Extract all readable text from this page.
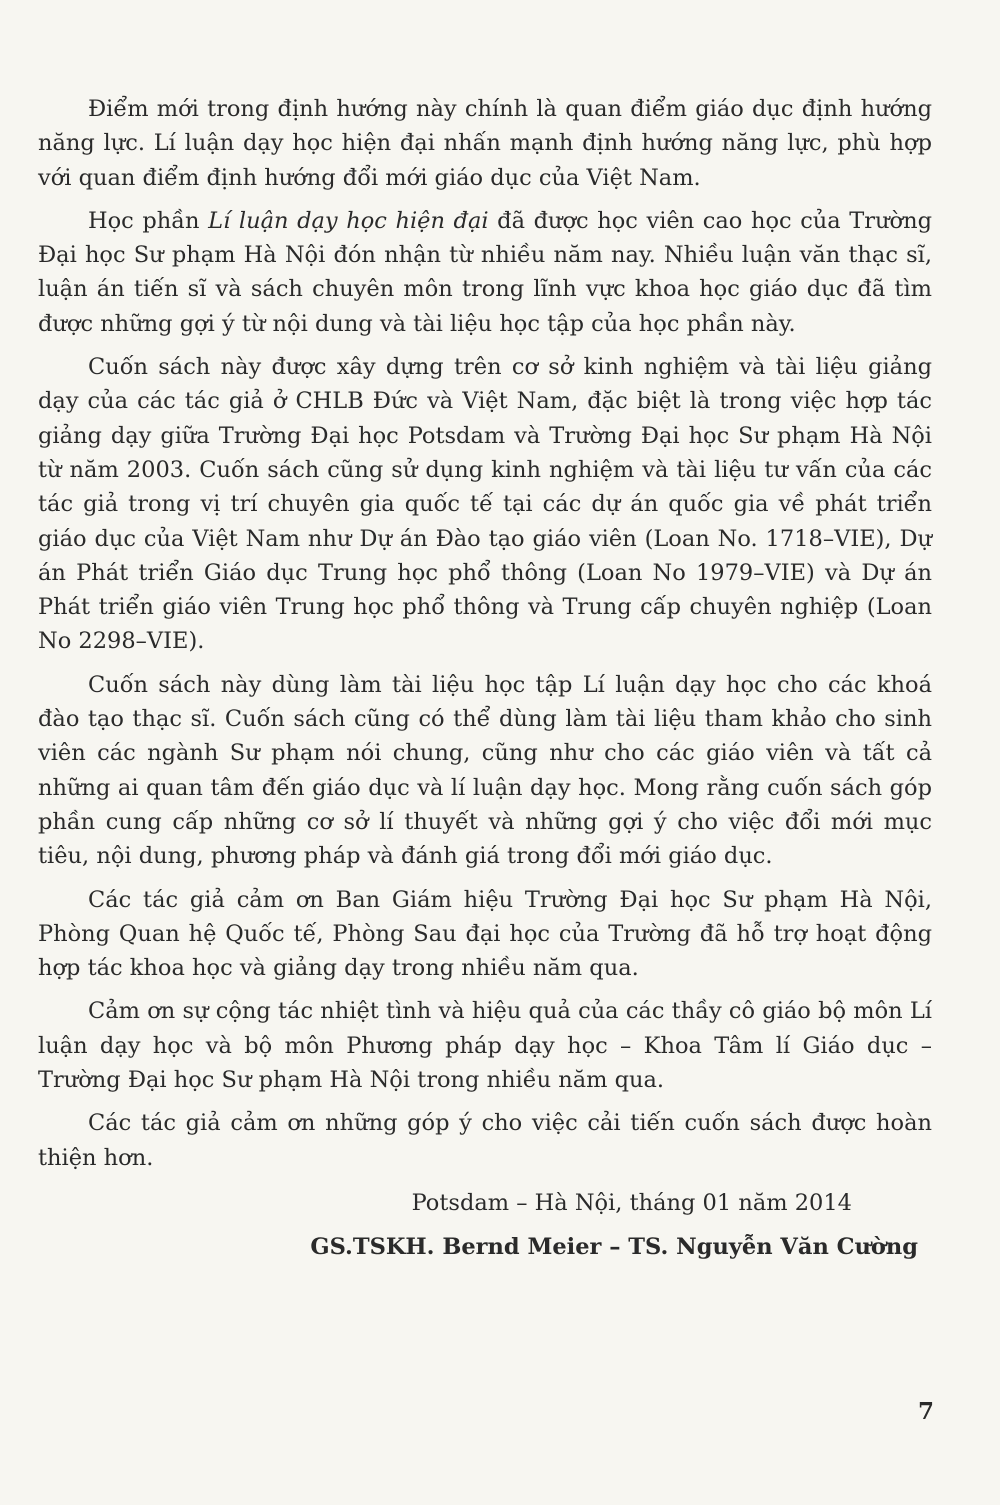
Điểm mới trong định hướng này chính là quan điểm giáo dục định hướng năng lực. Lí luận dạy học hiện đại nhấn mạnh định hướng năng lực, phù hợp với quan điểm định hướng đổi mới giáo dục của Việt Nam.

Học phần Lí luận dạy học hiện đại đã được học viên cao học của Trường Đại học Sư phạm Hà Nội đón nhận từ nhiều năm nay. Nhiều luận văn thạc sĩ, luận án tiến sĩ và sách chuyên môn trong lĩnh vực khoa học giáo dục đã tìm được những gợi ý từ nội dung và tài liệu học tập của học phần này.

Cuốn sách này được xây dựng trên cơ sở kinh nghiệm và tài liệu giảng dạy của các tác giả ở CHLB Đức và Việt Nam, đặc biệt là trong việc hợp tác giảng dạy giữa Trường Đại học Potsdam và Trường Đại học Sư phạm Hà Nội từ năm 2003. Cuốn sách cũng sử dụng kinh nghiệm và tài liệu tư vấn của các tác giả trong vị trí chuyên gia quốc tế tại các dự án quốc gia về phát triển giáo dục của Việt Nam như Dự án Đào tạo giáo viên (Loan No. 1718–VIE), Dự án Phát triển Giáo dục Trung học phổ thông (Loan No 1979–VIE) và Dự án Phát triển giáo viên Trung học phổ thông và Trung cấp chuyên nghiệp (Loan No 2298–VIE).

Cuốn sách này dùng làm tài liệu học tập Lí luận dạy học cho các khoá đào tạo thạc sĩ. Cuốn sách cũng có thể dùng làm tài liệu tham khảo cho sinh viên các ngành Sư phạm nói chung, cũng như cho các giáo viên và tất cả những ai quan tâm đến giáo dục và lí luận dạy học. Mong rằng cuốn sách góp phần cung cấp những cơ sở lí thuyết và những gợi ý cho việc đổi mới mục tiêu, nội dung, phương pháp và đánh giá trong đổi mới giáo dục.

Các tác giả cảm ơn Ban Giám hiệu Trường Đại học Sư phạm Hà Nội, Phòng Quan hệ Quốc tế, Phòng Sau đại học của Trường đã hỗ trợ hoạt động hợp tác khoa học và giảng dạy trong nhiều năm qua.

Cảm ơn sự cộng tác nhiệt tình và hiệu quả của các thầy cô giáo bộ môn Lí luận dạy học và bộ môn Phương pháp dạy học – Khoa Tâm lí Giáo dục – Trường Đại học Sư phạm Hà Nội trong nhiều năm qua.

Các tác giả cảm ơn những góp ý cho việc cải tiến cuốn sách được hoàn thiện hơn.

Potsdam – Hà Nội, tháng 01 năm 2014

GS.TSKH. Bernd Meier – TS. Nguyễn Văn Cường

7
